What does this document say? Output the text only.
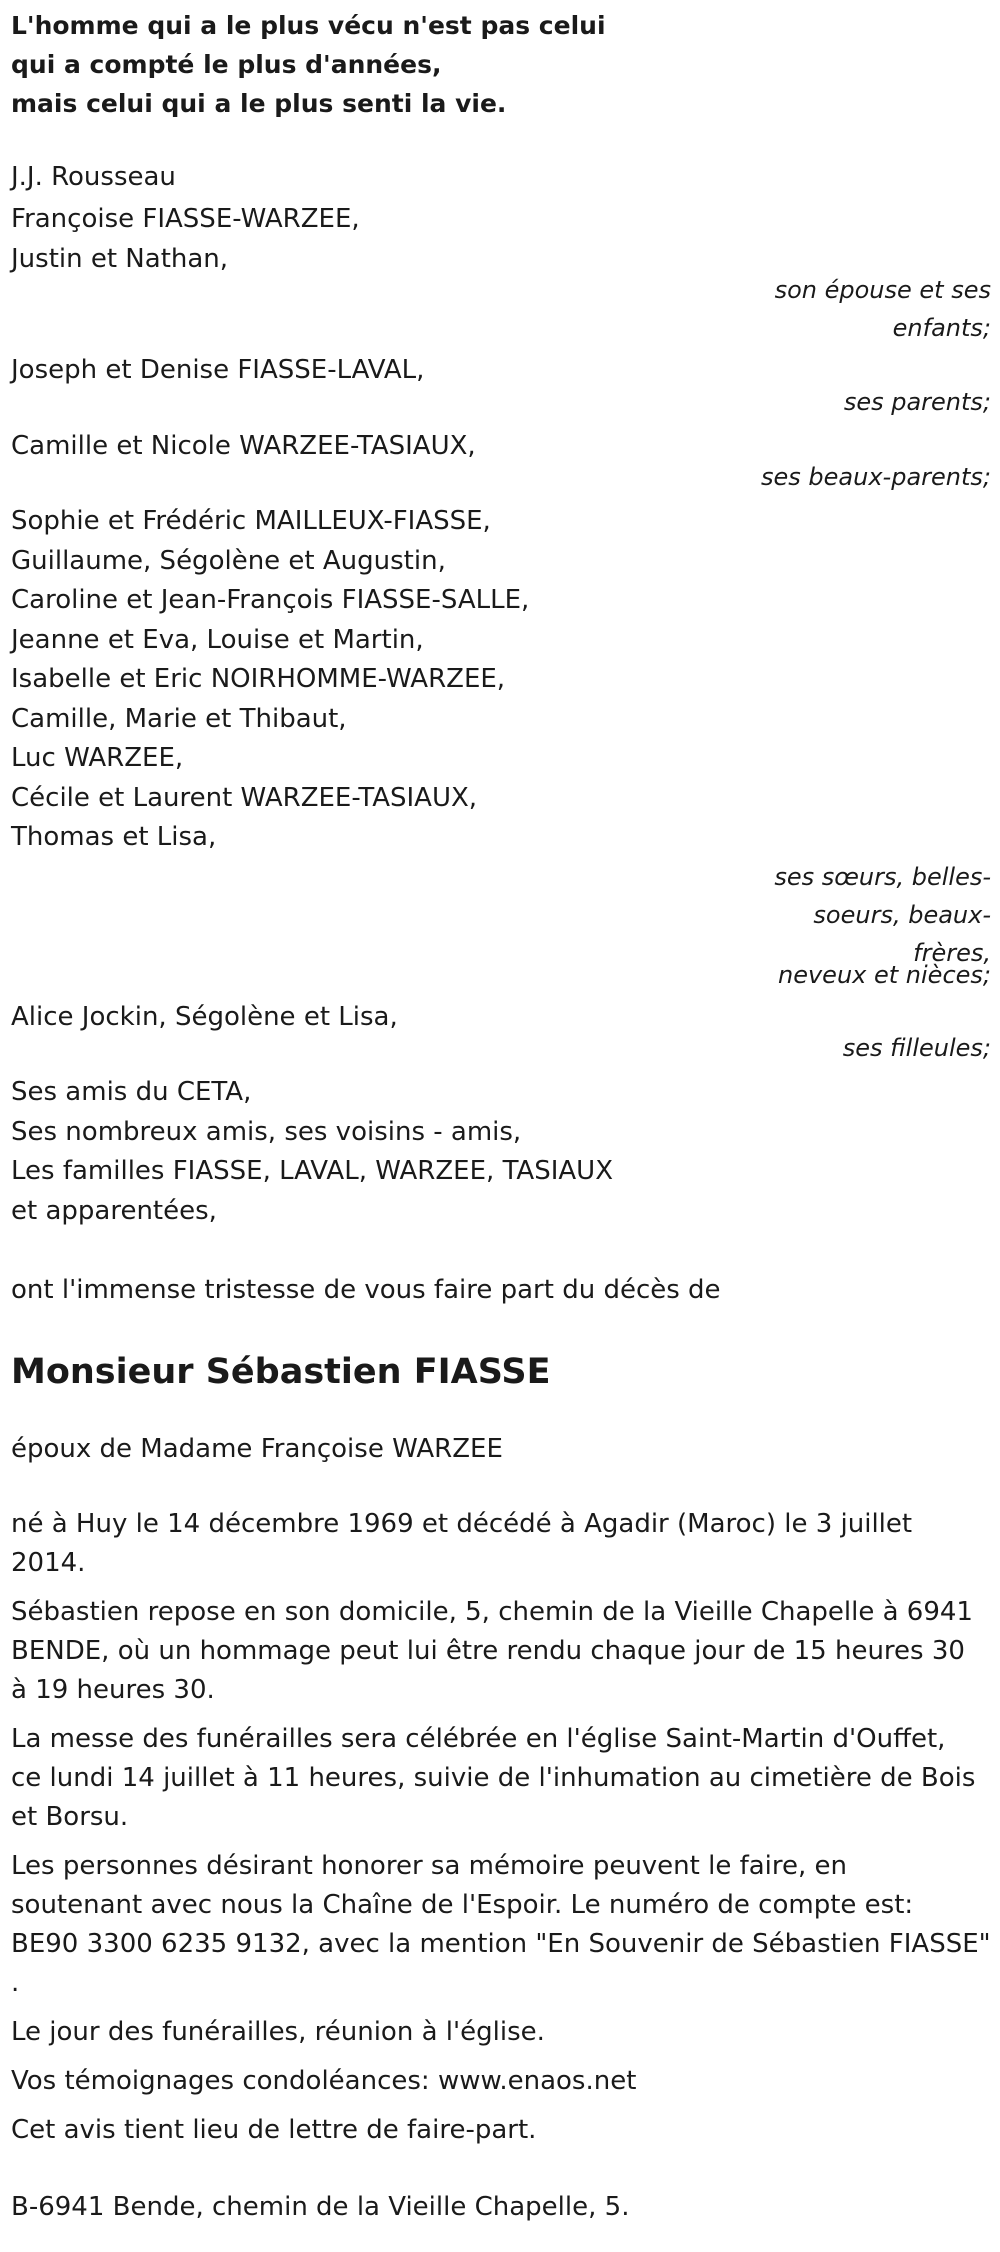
L'homme qui a le plus vécu n'est pas celui
qui a compté le plus d'années,
mais celui qui a le plus senti la vie.
J.J. Rousseau
Françoise FIASSE-WARZEE,
Justin et Nathan,
son épouse et ses
enfants;
Joseph et Denise FIASSE-LAVAL,
ses parents;
Camille et Nicole WARZEE-TASIAUX,
ses beaux-parents;
Sophie et Frédéric MAILLEUX-FIASSE,
Guillaume, Ségolène et Augustin,
Caroline et Jean-François FIASSE-SALLE,
Jeanne et Eva, Louise et Martin,
Isabelle et Eric NOIRHOMME-WARZEE,
Camille, Marie et Thibaut,
Luc WARZEE,
Cécile et Laurent WARZEE-TASIAUX,
Thomas et Lisa,
ses sœurs, belles-
soeurs, beaux-
frères,
neveux et nièces;
Alice Jockin, Ségolène et Lisa,
ses filleules;
Ses amis du CETA,
Ses nombreux amis, ses voisins - amis,
Les familles FIASSE, LAVAL, WARZEE, TASIAUX
et apparentées,
ont l'immense tristesse de vous faire part du décès de
Monsieur Sébastien FIASSE
époux de Madame Françoise WARZEE
né à Huy le 14 décembre 1969 et décédé à Agadir (Maroc) le 3 juillet
2014.
Sébastien repose en son domicile, 5, chemin de la Vieille Chapelle à 6941
BENDE, où un hommage peut lui être rendu chaque jour de 15 heures 30
à 19 heures 30.
La messe des funérailles sera célébrée en l'église Saint-Martin d'Ouffet,
ce lundi 14 juillet à 11 heures, suivie de l'inhumation au cimetière de Bois
et Borsu.
Les personnes désirant honorer sa mémoire peuvent le faire, en
soutenant avec nous la Chaîne de l'Espoir. Le numéro de compte est:
BE90 3300 6235 9132, avec la mention "En Souvenir de Sébastien FIASSE"
.
Le jour des funérailles, réunion à l'église.
Vos témoignages condoléances: www.enaos.net
Cet avis tient lieu de lettre de faire-part.
B-6941 Bende, chemin de la Vieille Chapelle, 5.
